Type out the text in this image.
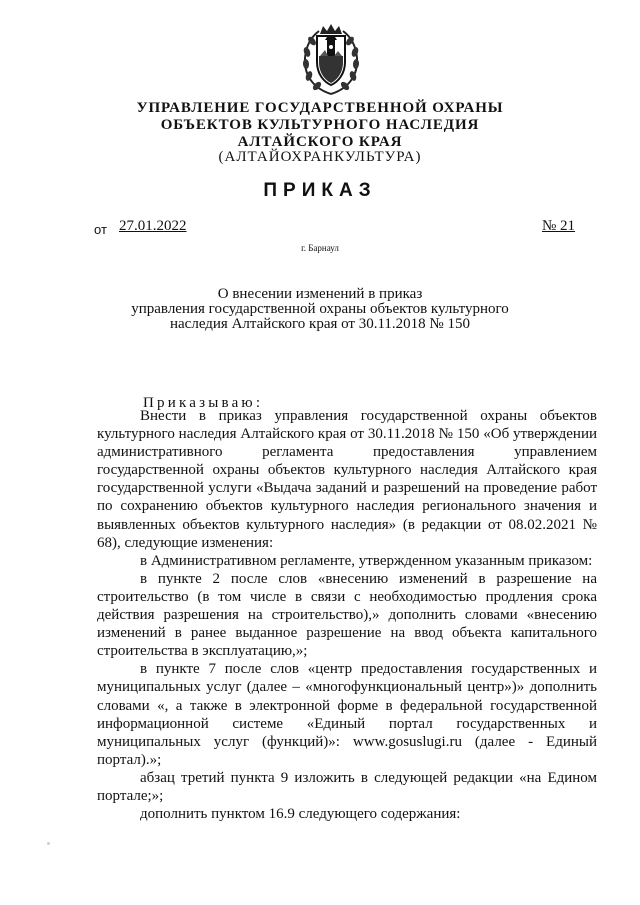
УПРАВЛЕНИЕ ГОСУДАРСТВЕННОЙ ОХРАНЫ
ОБЪЕКТОВ КУЛЬТУРНОГО НАСЛЕДИЯ
АЛТАЙСКОГО КРАЯ
(АЛТАЙОХРАНКУЛЬТУРА)
ПРИКАЗ
от 27.01.2022	№ 21
г. Барнаул
О внесении изменений в приказ
управления государственной охраны объектов культурного
наследия Алтайского края от 30.11.2018 № 150
Приказываю:

Внести в приказ управления государственной охраны объектов культурного наследия Алтайского края от 30.11.2018 № 150 «Об утверждении административного регламента предоставления управлением государственной охраны объектов культурного наследия Алтайского края государственной услуги «Выдача заданий и разрешений на проведение работ по сохранению объектов культурного наследия регионального значения и выявленных объектов культурного наследия» (в редакции от 08.02.2021 № 68), следующие изменения:

в Административном регламенте, утвержденном указанным приказом:

в пункте 2 после слов «внесению изменений в разрешение на строительство (в том числе в связи с необходимостью продления срока действия разрешения на строительство),» дополнить словами «внесению изменений в ранее выданное разрешение на ввод объекта капитального строительства в эксплуатацию,»;

в пункте 7 после слов «центр предоставления государственных и муниципальных услуг (далее – «многофункциональный центр»)» дополнить словами «, а также в электронной форме в федеральной государственной информационной системе «Единый портал государственных и муниципальных услуг (функций)»: www.gosuslugi.ru (далее - Единый портал).»;

абзац третий пункта 9 изложить в следующей редакции «на Едином портале;»;

дополнить пунктом 16.9 следующего содержания:
